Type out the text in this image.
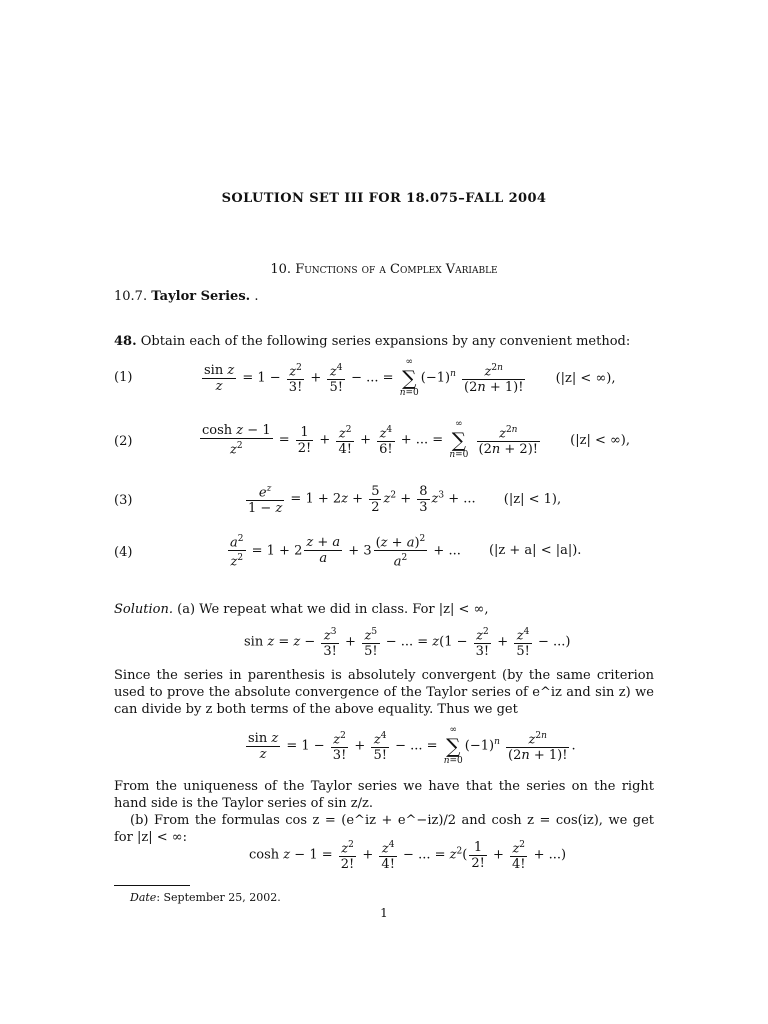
SOLUTION SET III FOR 18.075–FALL 2004
10. Functions of a Complex Variable
10.7. Taylor Series. .
48. Obtain each of the following series expansions by any convenient method:
(1)	$\frac{\text{sin z}}{z} = 1 - \frac{z^2}{3!} + \frac{z^4}{5!}$ − ... =
∞
∑
n=0
$(-1)^n \frac{z^{2n}}{(2n + 1)!} (|z|$ < ∞),
(2)	$\frac{\text{cosh z − 1}}{z^2} = \frac{1}{2!} + \frac{z^2}{4!} + \frac{z^4}{6!}$ + ... =
∞
∑
n=0
$\frac{z^{2n}}{(2n + 2)!} (|z|$ < ∞),
(3)	$\frac{e^z}{1 - z} = 1 + 2z + \frac{5}{2} z^2 + \frac{8}{3} z^3$ + ... (|z| < 1),
(4)	$\frac{a^2}{z^2} = 1 + 2 \frac{z + a}{a} + 3 \frac{(z + a)^2}{a^2}$ + ... (|z + a| < |a|).
Solution. (a) We repeat what we did in class. For |z| < ∞,
$\sin z = z - \frac{z^3}{3!} + \frac{z^5}{5!}$ − ... = $z(1 - \frac{z^2}{3!} + \frac{z^4}{5!}$ − ...)
Since the series in parenthesis is absolutely convergent (by the same criterion used to prove the absolute convergence of the Taylor series of e^iz and sin z) we can divide by z both terms of the above equality. Thus we get
$\frac{\text{sin z}}{z} = 1 - \frac{z^2}{3!} + \frac{z^4}{5!}$ − ... =
∞
∑
n=0
$(-1)^n \frac{z^{2n}}{(2n + 1)!}$ .
From the uniqueness of the Taylor series we have that the series on the right hand side is the Taylor series of sin z/z.
(b) From the formulas cos z = (e^iz + e^−iz)/2 and cosh z = cos(iz), we get for |z| < ∞:
$\cosh z - 1 = \frac{z^2}{2!} + \frac{z^4}{4!}$ − ... = $z^2( \frac{1}{2!} + \frac{z^2}{4!}$ + ...)
Date: September 25, 2002.
1
